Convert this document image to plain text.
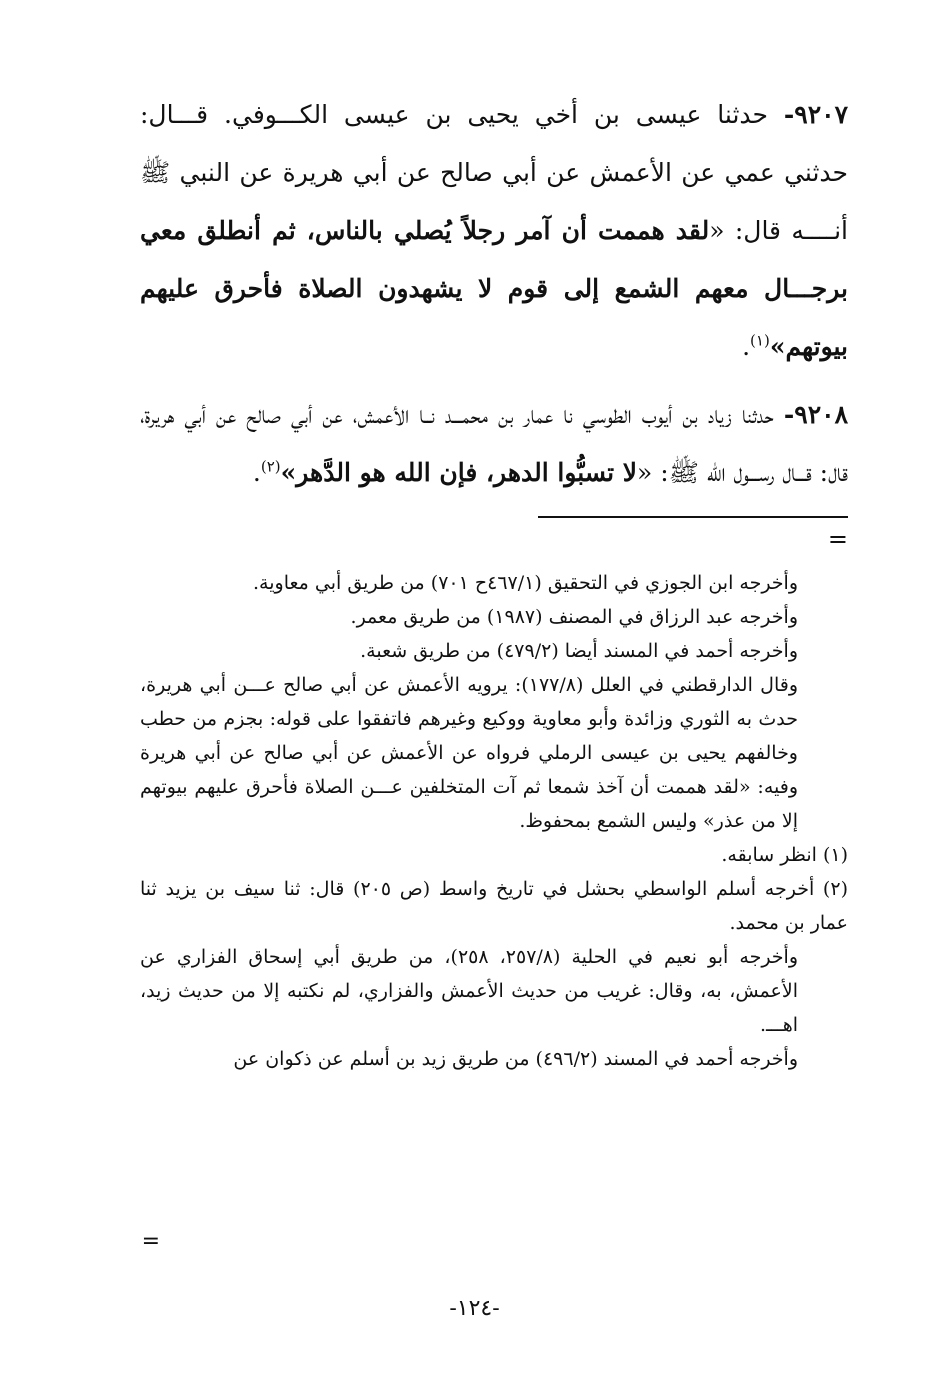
٩٢٠٧- حدثنا عيسى بن أخي يحيى بن عيسى الكـــوفي. قـــال: حدثني عمي عن الأعمش عن أبي صالح عن أبي هريرة عن النبي ﷺ أنــــه قال: «لقد هممت أن آمر رجلاً يُصلي بالناس، ثم أنطلق معي برجـــال معهم الشمع إلى قوم لا يشهدون الصلاة فأحرق عليهم بيوتهم»$^{(١)}$.

٩٢٠٨- حدثنا زياد بن أيوب الطوسي نا عمار بن محمـــد نــا الأعمش، عن أبي صالح عن أبي هريرة، قال: قـــال رســـول الله ﷺ: «لا تسبُّوا الدهر، فإن الله هو الدَّهر»$^{(٢)}$.

=

وأخرجه ابن الجوزي في التحقيق (٤٦٧/١ح ٧٠١) من طريق أبي معاوية.

وأخرجه عبد الرزاق في المصنف (١٩٨٧) من طريق معمر.

وأخرجه أحمد في المسند أيضا (٤٧٩/٢) من طريق شعبة.

وقال الدارقطني في العلل (١٧٧/٨): يرويه الأعمش عن أبي صالح عـــن أبي هريرة، حدث به الثوري وزائدة وأبو معاوية ووكيع وغيرهم فاتفقوا على قوله: بجزم من حطب وخالفهم يحيى بن عيسى الرملي فرواه عن الأعمش عن أبي صالح عن أبي هريرة وفيه: «لقد هممت أن آخذ شمعا ثم آت المتخلفين عـــن الصلاة فأحرق عليهم بيوتهم إلا من عذر» وليس الشمع بمحفوظ.

(١) انظر سابقه.

(٢) أخرجه أسلم الواسطي بحشل في تاريخ واسط (ص ٢٠٥) قال: ثنا سيف بن يزيد ثنا عمار بن محمد.

وأخرجه أبو نعيم في الحلية (٢٥٧/٨، ٢٥٨)، من طريق أبي إسحاق الفزاري عن الأعمش، به، وقال: غريب من حديث الأعمش والفزاري، لم نكتبه إلا من حديث زيد، اهـــ.

وأخرجه أحمد في المسند (٤٩٦/٢) من طريق زيد بن أسلم عن ذكوان عن

=
-١٢٤-
